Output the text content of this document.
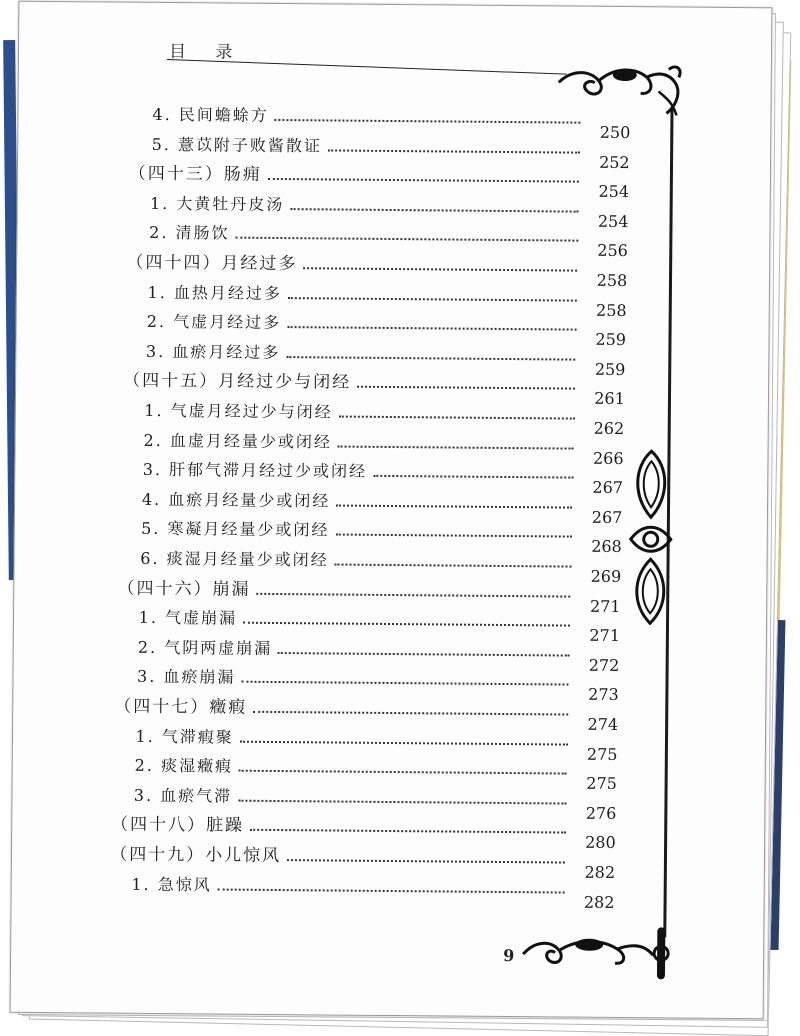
目 录
4. 民间蟾蜍方
250
5. 薏苡附子败酱散证
252
（四十三）肠痈
254
1. 大黄牡丹皮汤
254
2. 清肠饮
256
（四十四）月经过多
258
1. 血热月经过多
258
2. 气虚月经过多
259
3. 血瘀月经过多
259
（四十五）月经过少与闭经
261
1. 气虚月经过少与闭经
262
2. 血虚月经量少或闭经
266
3. 肝郁气滞月经过少或闭经
267
4. 血瘀月经量少或闭经
267
5. 寒凝月经量少或闭经
268
6. 痰湿月经量少或闭经
269
（四十六）崩漏
271
1. 气虚崩漏
271
2. 气阴两虚崩漏
272
3. 血瘀崩漏
273
（四十七）癥瘕
274
1. 气滞瘕聚
275
2. 痰湿癥瘕
275
3. 血瘀气滞
276
（四十八）脏躁
280
（四十九）小儿惊风
282
1. 急惊风
282
9
